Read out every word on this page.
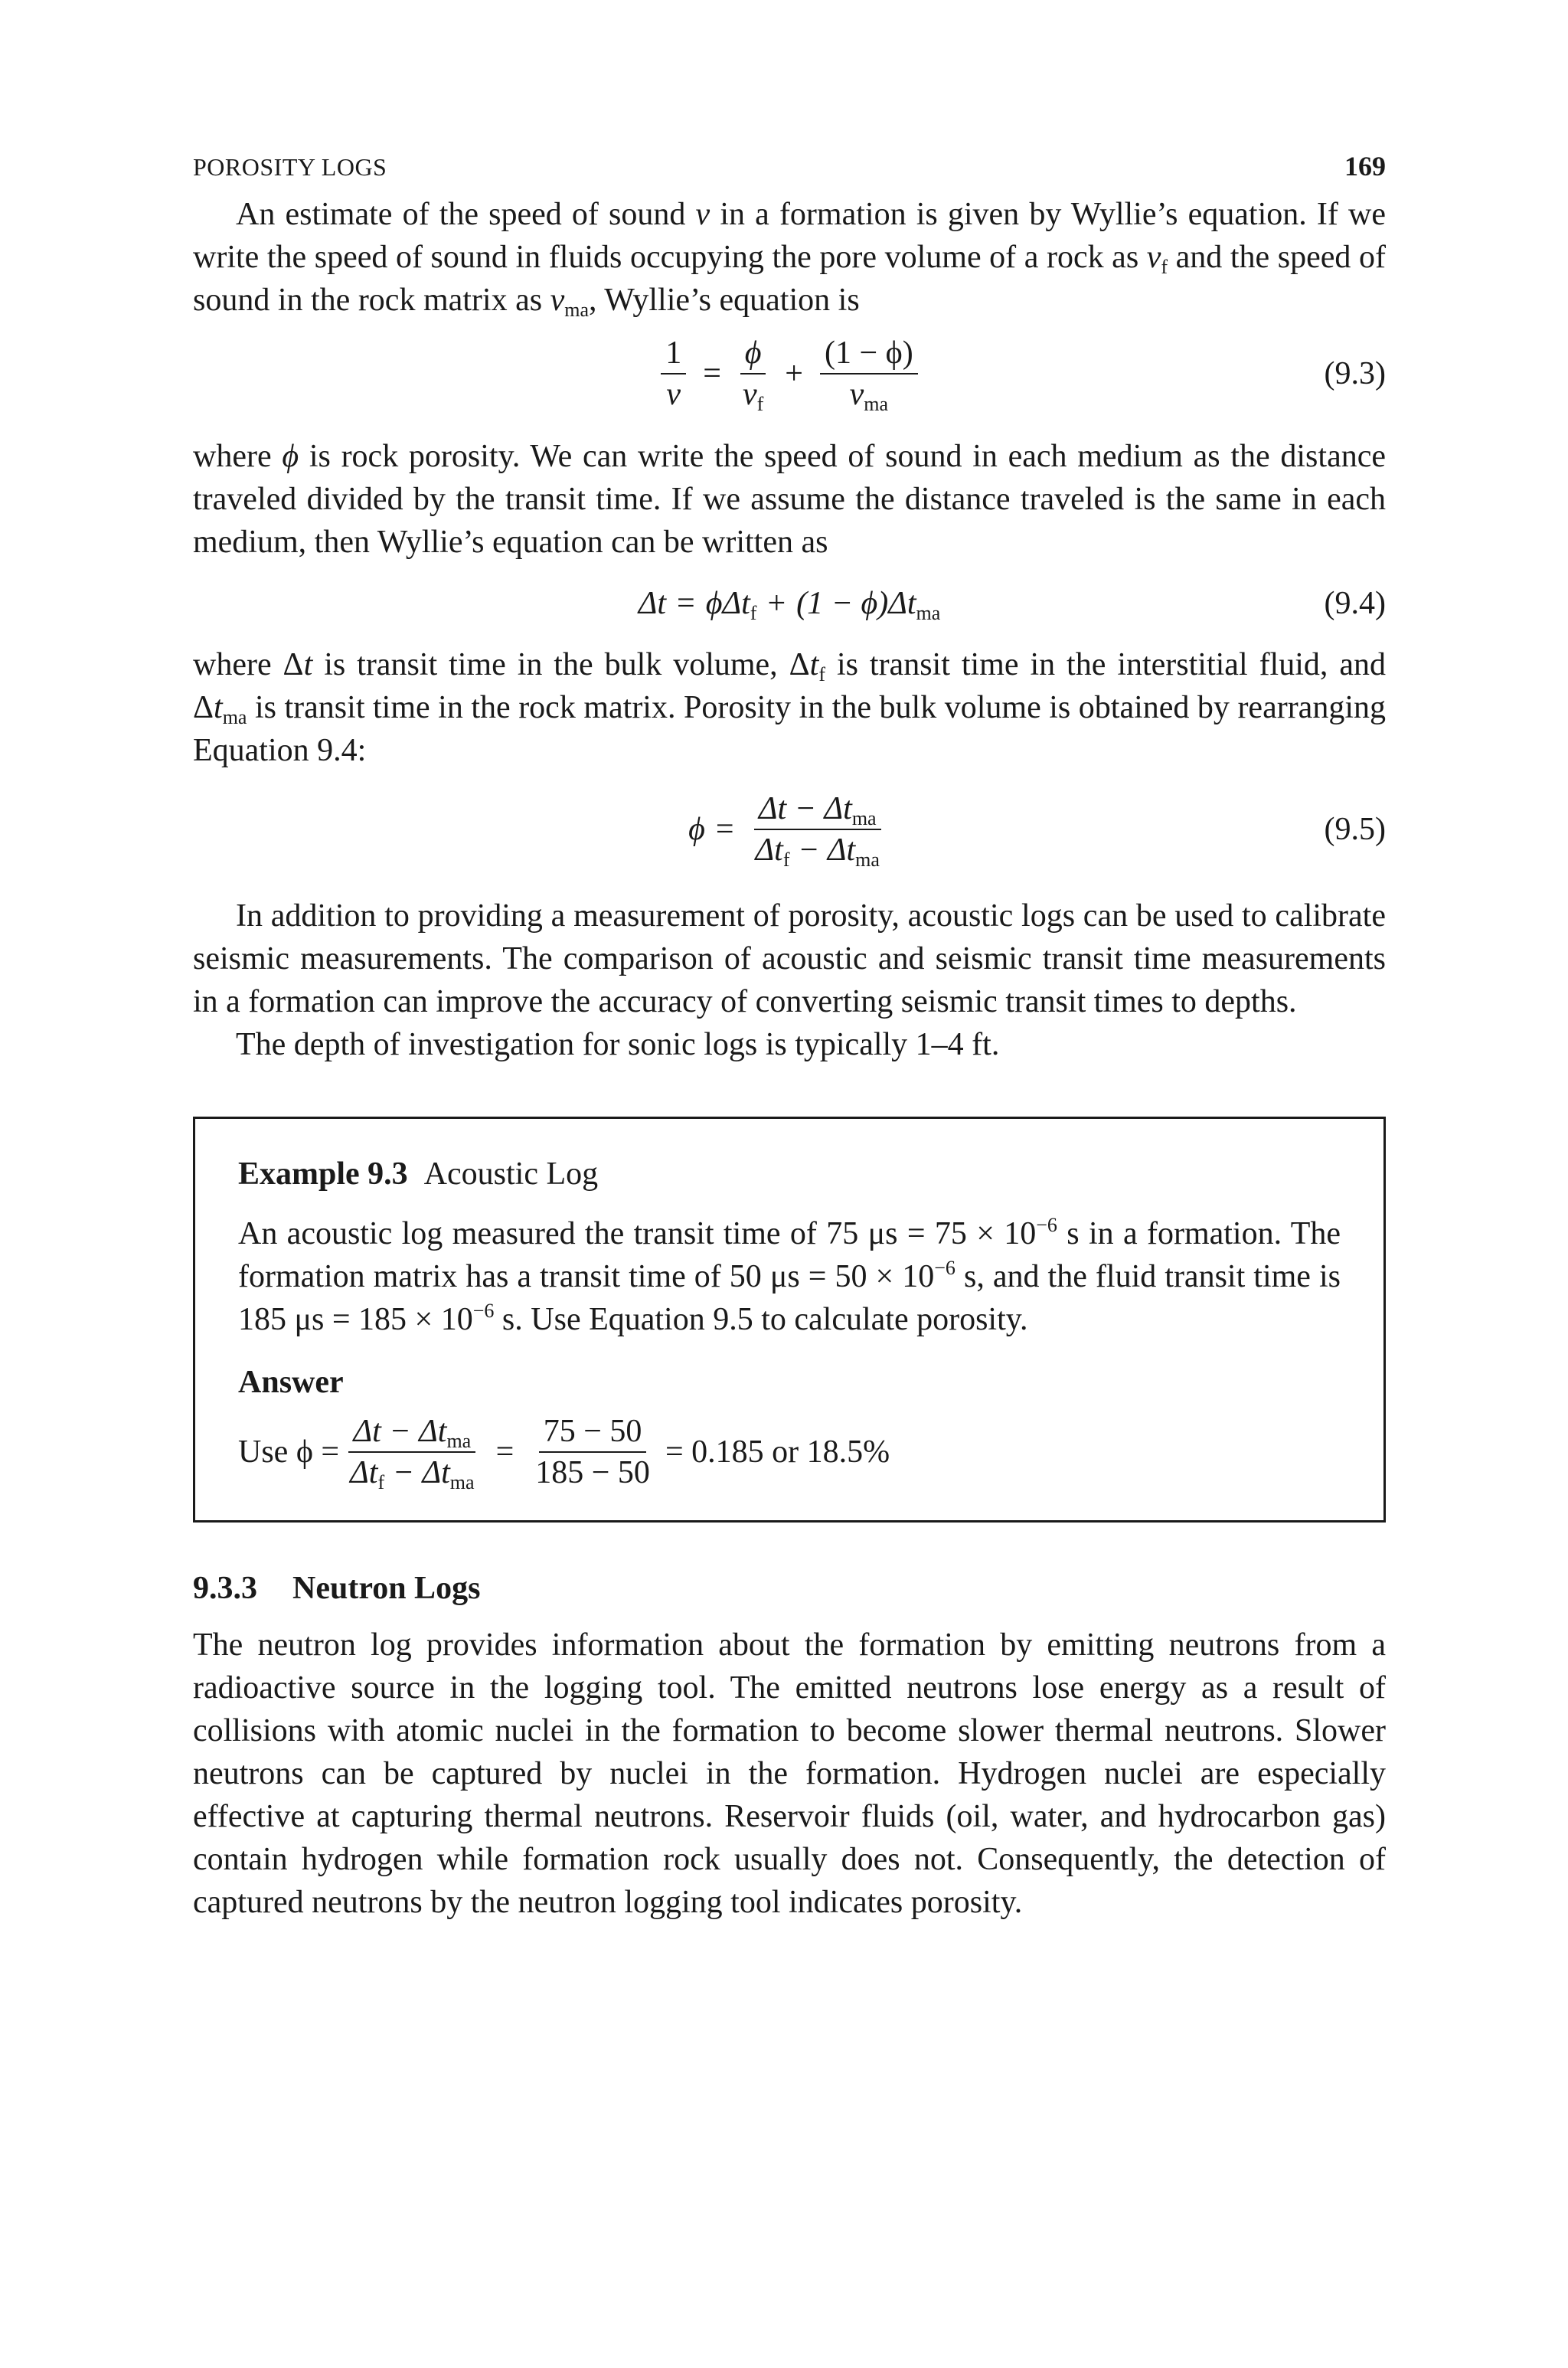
POROSITY LOGS	169

An estimate of the speed of sound v in a formation is given by Wyllie’s equation. If we write the speed of sound in fluids occupying the pore volume of a rock as $v_f$ and the speed of sound in the rock matrix as $v_{ma}$, Wyllie’s equation is

$\frac{1}{v} = \frac{\phi}{v_f} + \frac{(1 - \phi)}{v_{ma}}$	(9.3)

where ϕ is rock porosity. We can write the speed of sound in each medium as the distance traveled divided by the transit time. If we assume the distance traveled is the same in each medium, then Wyllie’s equation can be written as

$\Delta t = \phi\Delta t_f + (1 - \phi)\Delta t_{ma}$	(9.4)

where Δt is transit time in the bulk volume, $\Delta t_f$ is transit time in the interstitial fluid, and $\Delta t_{ma}$ is transit time in the rock matrix. Porosity in the bulk volume is obtained by rearranging Equation 9.4:

$\phi = \frac{\Delta t - \Delta t_{ma}}{\Delta t_f - \Delta t_{ma}}$	(9.5)

In addition to providing a measurement of porosity, acoustic logs can be used to calibrate seismic measurements. The comparison of acoustic and seismic transit time measurements in a formation can improve the accuracy of converting seismic transit times to depths.

The depth of investigation for sonic logs is typically 1–4 ft.

Example 9.3 Acoustic Log

An acoustic log measured the transit time of 75 $\mu s = 75 \times 10^{-6}$ s in a formation. The formation matrix has a transit time of 50 $\mu s = 50 \times 10^{-6}$ s, and the fluid transit time is 185 $\mu s = 185 \times 10^{-6}$ s. Use Equation 9.5 to calculate porosity.

Answer
Use $\phi = \frac{\Delta t - \Delta t_{ma}}{\Delta t_f - \Delta t_{ma}} = \frac{75 - 50}{185 - 50} = 0.185$ or 18.5%
9.3.3 Neutron Logs

The neutron log provides information about the formation by emitting neutrons from a radioactive source in the logging tool. The emitted neutrons lose energy as a result of collisions with atomic nuclei in the formation to become slower thermal neutrons. Slower neutrons can be captured by nuclei in the formation. Hydrogen nuclei are especially effective at capturing thermal neutrons. Reservoir fluids (oil, water, and hydrocarbon gas) contain hydrogen while formation rock usually does not. Consequently, the detection of captured neutrons by the neutron logging tool indicates porosity.
